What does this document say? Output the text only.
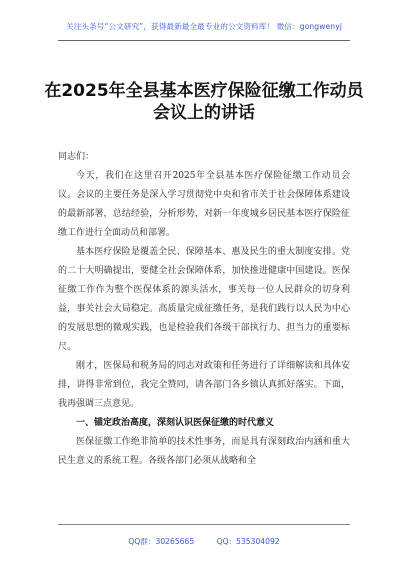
关注头条号“公文研究”，获得最新最全最专业的公文资料库！ 微信：gongwenyj
在2025年全县基本医疗保险征缴工作动员会议上的讲话

同志们：

今天，我们在这里召开2025年全县基本医疗保险征缴工作动员会议。会议的主要任务是深入学习贯彻党中央和省市关于社会保障体系建设的最新部署，总结经验，分析形势，对新一年度城乡居民基本医疗保险征缴工作进行全面动员和部署。

基本医疗保险是覆盖全民、保障基本、惠及民生的重大制度安排。党的二十大明确提出，要健全社会保障体系，加快推进健康中国建设。医保征缴工作作为整个医保体系的源头活水，事关每一位人民群众的切身利益，事关社会大局稳定。高质量完成征缴任务，是我们践行以人民为中心的发展思想的微观实践，也是检验我们各级干部执行力、担当力的重要标尺。

刚才，医保局和税务局的同志对政策和任务进行了详细解读和具体安排，讲得非常到位，我完全赞同，请各部门各乡镇认真抓好落实。下面，我再强调三点意见。

一、锚定政治高度，深刻认识医保征缴的时代意义

医保征缴工作绝非简单的技术性事务，而是具有深刻政治内涵和重大民生意义的系统工程。各级各部门必须从战略和全

QQ群：30265665	QQ：535304092
